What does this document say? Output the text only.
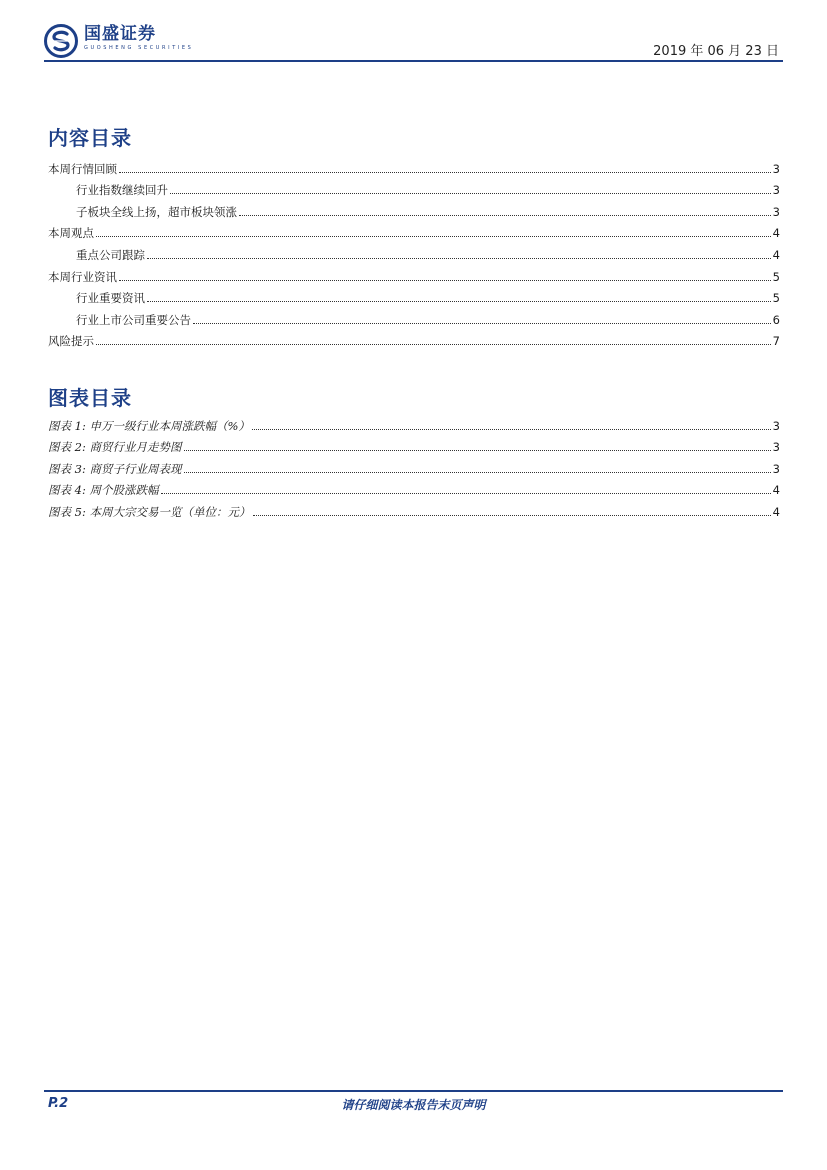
国盛证券
GUOSHENG SECURITIES	2019 年 06 月 23 日
内容目录
本周行情回顾	3
行业指数继续回升	3
子板块全线上扬，超市板块领涨	3
本周观点	4
重点公司跟踪	4
本周行业资讯	5
行业重要资讯	5
行业上市公司重要公告	6
风险提示	7
图表目录
图表 1: 申万一级行业本周涨跌幅（%）	3
图表 2: 商贸行业月走势图	3
图表 3: 商贸子行业周表现	3
图表 4: 周个股涨跌幅	4
图表 5: 本周大宗交易一览（单位：元）	4
P.2	请仔细阅读本报告末页声明
